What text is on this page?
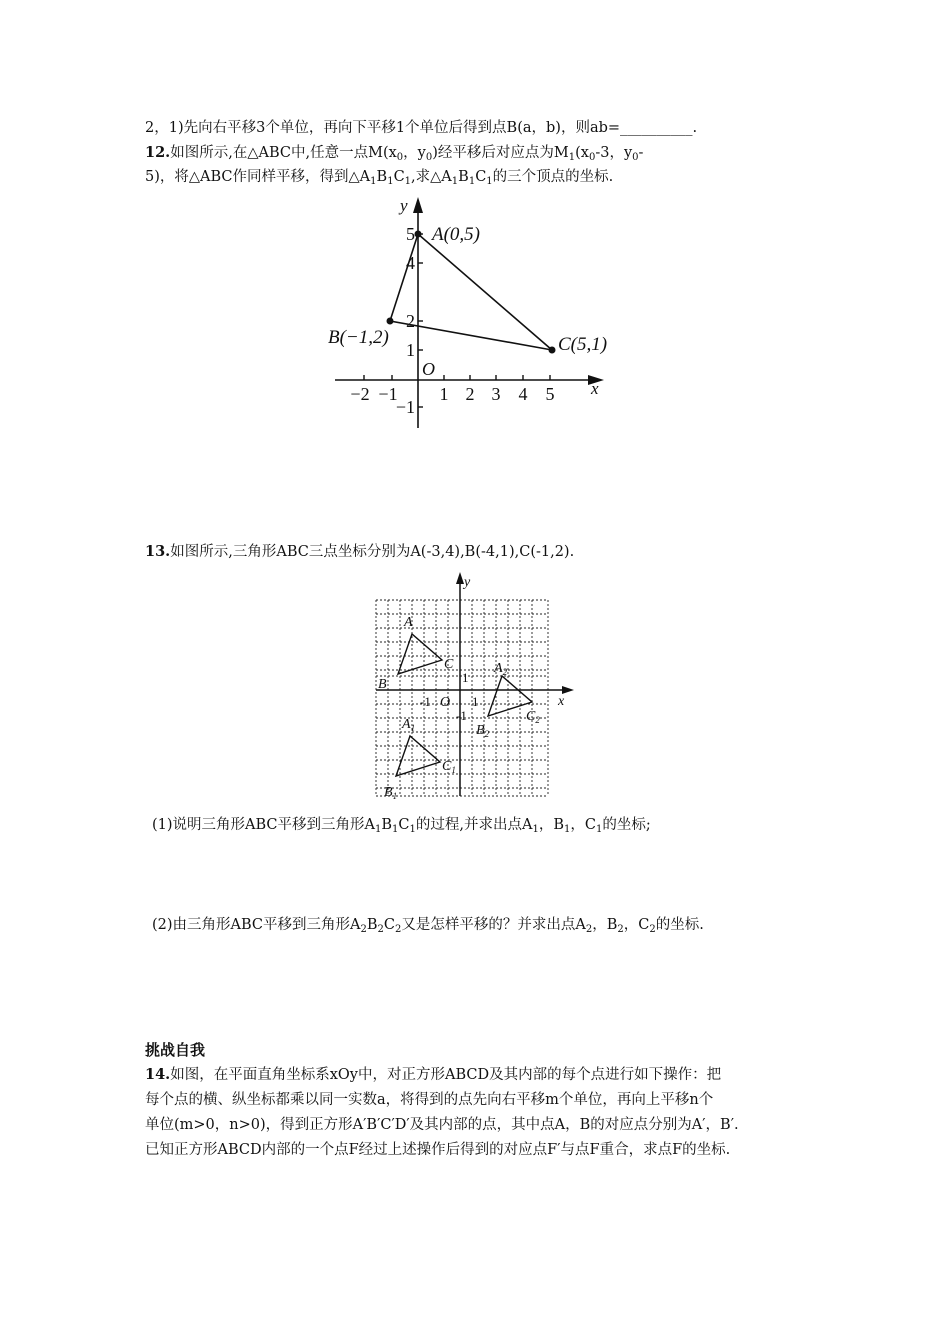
2，1)先向右平移3个单位，再向下平移1个单位后得到点B(a，b)，则ab=__________.
12.如图所示,在△ABC中,任意一点$M(x_0$，$y_0$)经平移后对应点为$M_1(x_0-3$，$y_0-$
5)，将△ABC作同样平移，得到$\triangle A_1B_1C_1$,求$\triangle A_1B_1C_1$的三个顶点的坐标.
A(0,5)
B(−1,2)	C(5,1)
x
y
O
−2 −1 1 2 3 4 5
5
4
2
1
−1
13.如图所示,三角形ABC三点坐标分别为A(-3,4),B(-4,1),C(-1,2).
A
B
C
$A_1$
$B_1$
$C_1$
$A_2$
$B_2$
$C_2$
x
y
O
1
-1	1
-1
(1)说明三角形ABC平移到三角形$A_1B_1C_1$的过程,并求出点$A_1$，$B_1$，$C_1$的坐标;
(2)由三角形ABC平移到三角形$A_2B_2C_2$又是怎样平移的？并求出点$A_2$，$B_2$，$C_2$的坐标.
挑战自我
14.如图，在平面直角坐标系xOy中，对正方形ABCD及其内部的每个点进行如下操作：把
每个点的横、纵坐标都乘以同一实数a，将得到的点先向右平移m个单位，再向上平移n个
单位(m>0，n>0)，得到正方形A′B′C′D′及其内部的点，其中点A，B的对应点分别为A′，B′.
已知正方形ABCD内部的一个点F经过上述操作后得到的对应点F′与点F重合，求点F的坐标.
